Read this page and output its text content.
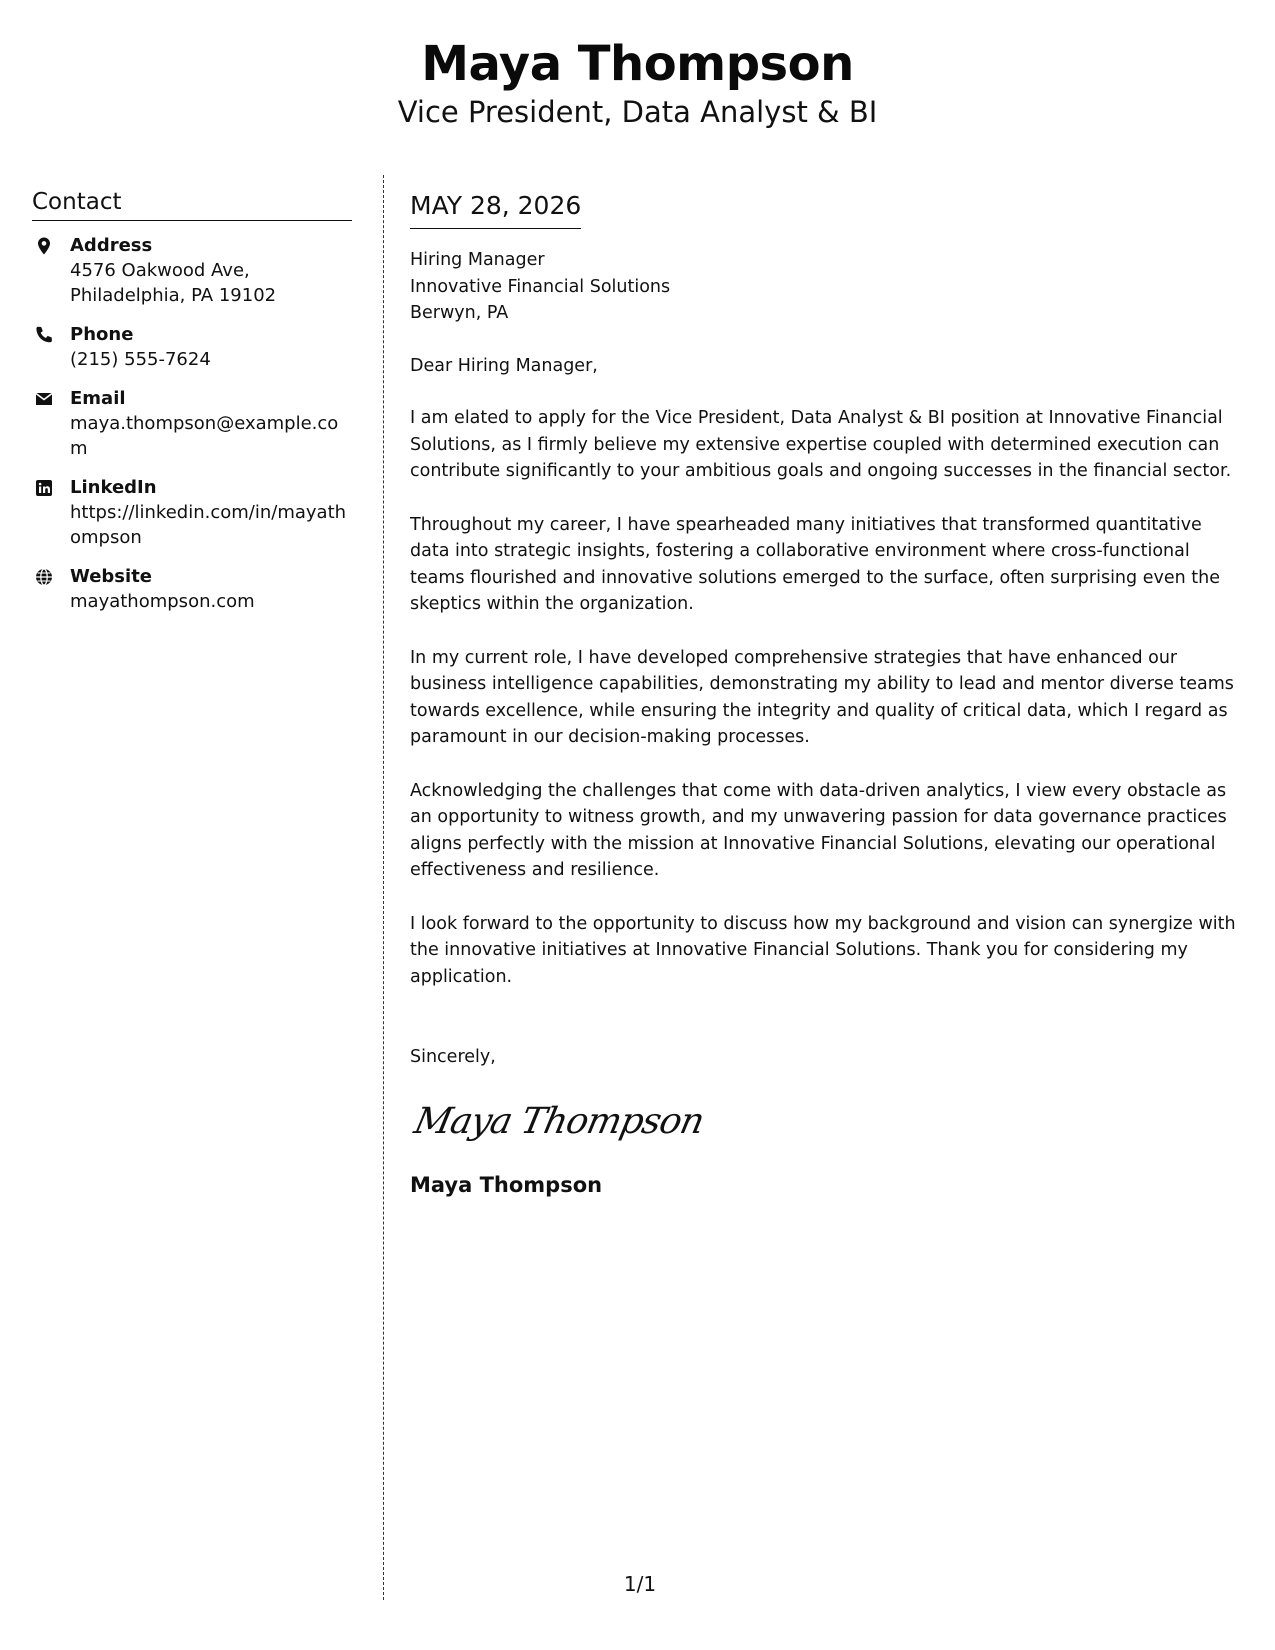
Maya Thompson
Vice President, Data Analyst & BI
Contact
Address
4576 Oakwood Ave, Philadelphia, PA 19102
Phone
(215) 555-7624
Email
maya.thompson@example.com
LinkedIn
https://linkedin.com/in/mayathompson
Website
mayathompson.com
MAY 28, 2026
Hiring Manager
Innovative Financial Solutions
Berwyn, PA

Dear Hiring Manager,

I am elated to apply for the Vice President, Data Analyst & BI position at Innovative Financial Solutions, as I firmly believe my extensive expertise coupled with determined execution can contribute significantly to your ambitious goals and ongoing successes in the financial sector.

Throughout my career, I have spearheaded many initiatives that transformed quantitative data into strategic insights, fostering a collaborative environment where cross-functional teams flourished and innovative solutions emerged to the surface, often surprising even the skeptics within the organization.

In my current role, I have developed comprehensive strategies that have enhanced our business intelligence capabilities, demonstrating my ability to lead and mentor diverse teams towards excellence, while ensuring the integrity and quality of critical data, which I regard as paramount in our decision-making processes.

Acknowledging the challenges that come with data-driven analytics, I view every obstacle as an opportunity to witness growth, and my unwavering passion for data governance practices aligns perfectly with the mission at Innovative Financial Solutions, elevating our operational effectiveness and resilience.

I look forward to the opportunity to discuss how my background and vision can synergize with the innovative initiatives at Innovative Financial Solutions. Thank you for considering my application.

Sincerely,
Maya Thompson
Maya Thompson
1/1
